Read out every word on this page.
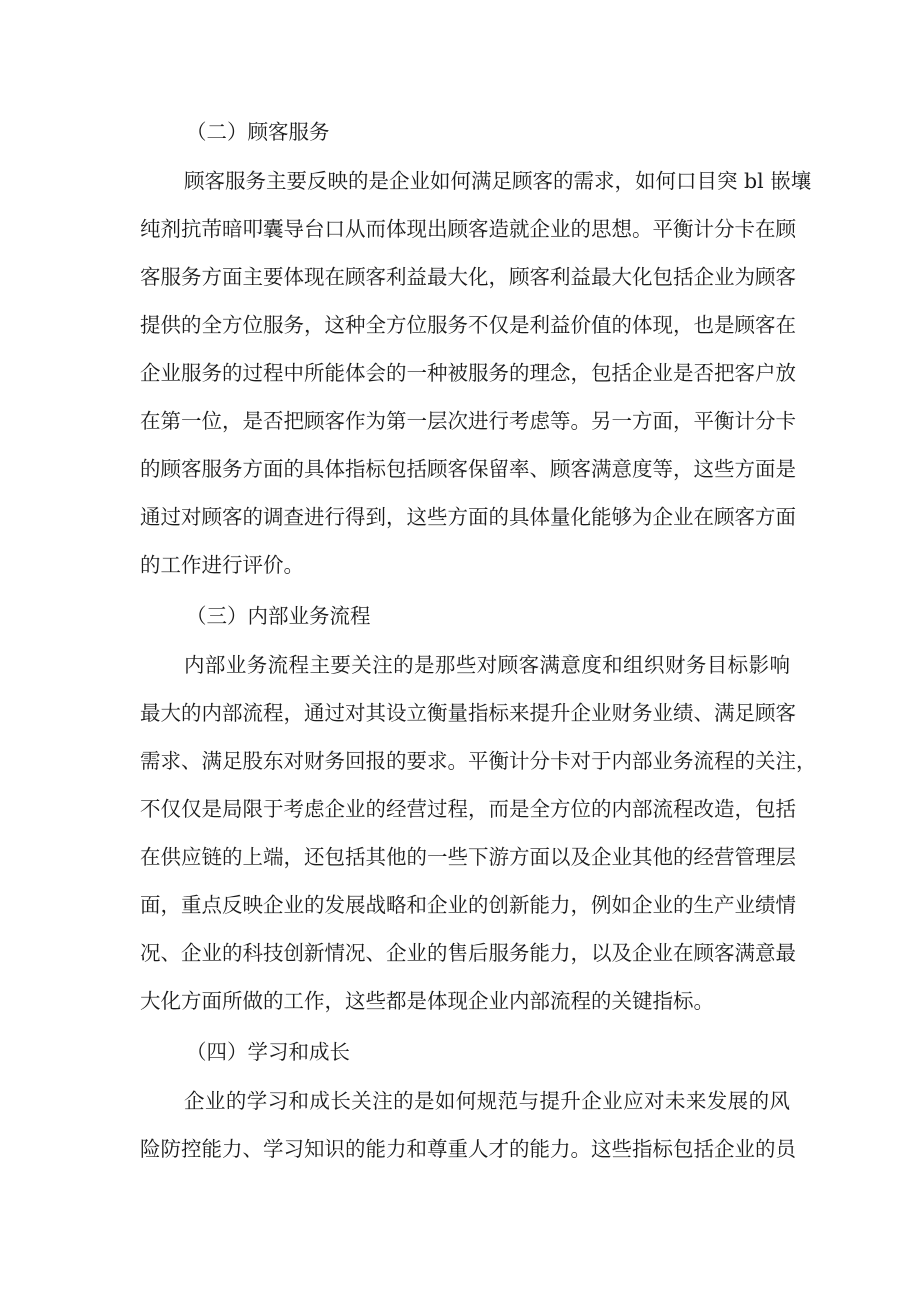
（二）顾客服务

顾客服务主要反映的是企业如何满足顾客的需求，如何口目突 bl 嵌壤

纯剂抗芾暗叩囊导台口从而体现出顾客造就企业的思想。平衡计分卡在顾

客服务方面主要体现在顾客利益最大化，顾客利益最大化包括企业为顾客

提供的全方位服务，这种全方位服务不仅是利益价值的体现，也是顾客在

企业服务的过程中所能体会的一种被服务的理念，包括企业是否把客户放

在第一位，是否把顾客作为第一层次进行考虑等。另一方面，平衡计分卡

的顾客服务方面的具体指标包括顾客保留率、顾客满意度等，这些方面是

通过对顾客的调查进行得到，这些方面的具体量化能够为企业在顾客方面

的工作进行评价。

（三）内部业务流程

内部业务流程主要关注的是那些对顾客满意度和组织财务目标影响

最大的内部流程，通过对其设立衡量指标来提升企业财务业绩、满足顾客

需求、满足股东对财务回报的要求。平衡计分卡对于内部业务流程的关注，

不仅仅是局限于考虑企业的经营过程，而是全方位的内部流程改造，包括

在供应链的上端，还包括其他的一些下游方面以及企业其他的经营管理层

面，重点反映企业的发展战略和企业的创新能力，例如企业的生产业绩情

况、企业的科技创新情况、企业的售后服务能力，以及企业在顾客满意最

大化方面所做的工作，这些都是体现企业内部流程的关键指标。

（四）学习和成长

企业的学习和成长关注的是如何规范与提升企业应对未来发展的风

险防控能力、学习知识的能力和尊重人才的能力。这些指标包括企业的员
